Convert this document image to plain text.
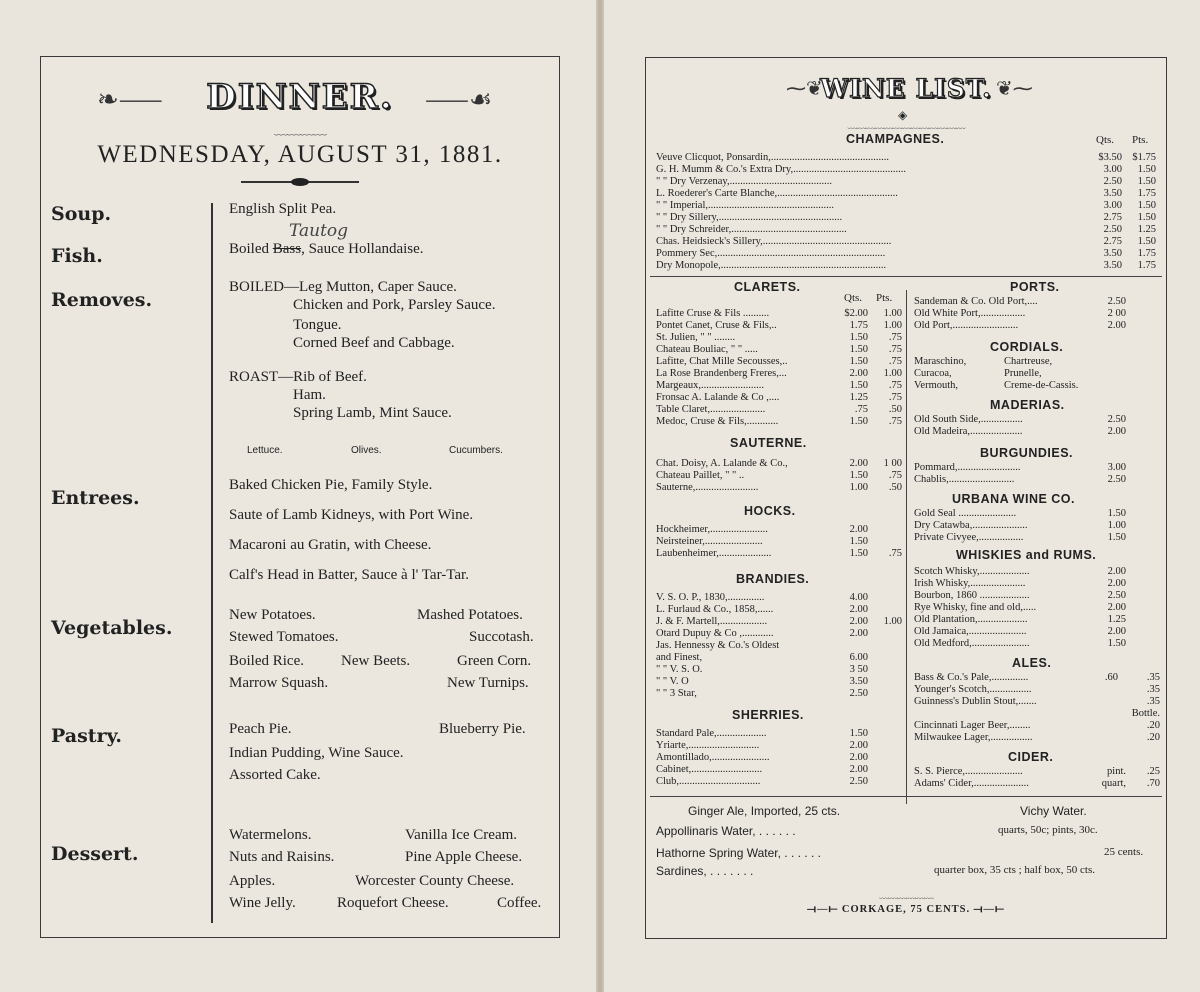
❧⸺	DINNER.	⸺☙
﹏﹏﹏﹏
WEDNESDAY, AUGUST 31, 1881.
Soup.
Fish.
Removes.
Entrees.
Vegetables.
Pastry.
Dessert.
English Split Pea.
Boiled Bass, Sauce Hollandaise.
Tautog
BOILED—Leg Mutton, Caper Sauce.
Chicken and Pork, Parsley Sauce.
Tongue.
Corned Beef and Cabbage.
ROAST—Rib of Beef.
Ham.
Spring Lamb, Mint Sauce.
Lettuce.	Olives.	Cucumbers.
Baked Chicken Pie, Family Style.
Saute of Lamb Kidneys, with Port Wine.
Macaroni au Gratin, with Cheese.
Calf's Head in Batter, Sauce à l' Tar-Tar.
New Potatoes.	Mashed Potatoes.
Stewed Tomatoes.	Succotash.
Boiled Rice. New Beets.	Green Corn.
Marrow Squash.	New Turnips.
Peach Pie.	Blueberry Pie.
Indian Pudding, Wine Sauce.
Assorted Cake.
Watermelons.	Vanilla Ice Cream.
Nuts and Raisins.	Pine Apple Cheese.
Apples.	Worcester County Cheese.
Wine Jelly.	Roquefort Cheese.	Coffee.
⁓❦
WINE LIST. ❦⁓
◈
﹏﹏﹏﹏﹏﹏﹏﹏﹏﹏﹏﹏﹏
CHAMPAGNES.	Qts. Pts.
Veuve Clicquot, Ponsardin,.............................................	$3.50 $1.75
G. H. Mumm & Co.'s Extra Dry,...........................................	3.00	1.50
" " Dry Verzenay,.......................................	2.50	1.50
L. Roederer's Carte Blanche,..............................................	3.50	1.75
" " Imperial,................................................	3.00	1.50
" " Dry Sillery,...............................................	2.75	1.50
" " Dry Schreider,............................................	2.50	1.25
Chas. Heidsieck's Sillery,.................................................	2.75	1.50
Pommery Sec,................................................................	3.50	1.75
Dry Monopole,...............................................................	3.50	1.75
CLARETS.
Qts. Pts.
Lafitte Cruse & Fils ..........	$2.00	1.00
Pontet Canet, Cruse & Fils,..	1.75	1.00
St. Julien, " " ........	1.50	.75
Chateau Bouliac, " " .....	1.50	.75
Lafitte, Chat Mille Secousses,..	1.50	.75
La Rose Brandenberg Freres,...	2.00	1.00
Margeaux,........................	1.50	.75
Fronsac A. Lalande & Co ,....	1.25	.75
Table Claret,.....................	.75	.50
Medoc, Cruse & Fils,............	1.50	.75
SAUTERNE.
Chat. Doisy, A. Lalande & Co.,	2.00	1 00
Chateau Paillet, " " ..	1.50	.75
Sauterne,........................	1.00	.50
HOCKS.
Hockheimer,......................	2.00
Neirsteiner,......................	1.50
Laubenheimer,....................	1.50	.75
BRANDIES.
V. S. O. P., 1830,..............	4.00
L. Furlaud & Co., 1858,......	2.00
J. & F. Martell,..................	2.00	1.00
Otard Dupuy & Co ,............	2.00
Jas. Hennessy & Co.'s Oldest
and Finest,	6.00
" " V. S. O.	3 50
" " V. O	3.50
" " 3 Star,	2.50
SHERRIES.
Standard Pale,...................	1.50
Yriarte,...........................	2.00
Amontillado,......................	2.00
Cabinet,...........................	2.00
Club,...............................	2.50
PORTS.
Sandeman & Co. Old Port,....	2.50
Old White Port,.................	2 00
Old Port,.........................	2.00
CORDIALS.
Maraschino,	Chartreuse,
Curacoa,	Prunelle,
Vermouth,	Creme-de-Cassis.
MADERIAS.
Old South Side,................	2.50
Old Madeira,....................	2.00
BURGUNDIES.
Pommard,........................	3.00
Chablis,.........................	2.50
URBANA WINE CO.
Gold Seal ......................	1.50
Dry Catawba,.....................	1.00
Private Civyee,.................	1.50
WHISKIES and RUMS.
Scotch Whisky,...................	2.00
Irish Whisky,.....................	2.00
Bourbon, 1860 ...................	2.50
Rye Whisky, fine and old,.....	2.00
Old Plantation,...................	1.25
Old Jamaica,......................	2.00
Old Medford,......................	1.50
ALES.
Bass & Co.'s Pale,..............	.60	.35
Younger's Scotch,................	.35
Guinness's Dublin Stout,.......	.35
Bottle.
Cincinnati Lager Beer,........	.20
Milwaukee Lager,................	.20
CIDER.
S. S. Pierce,......................	pint.	.25
Adams' Cider,.....................	quart,	.70
Ginger Ale, Imported, 25 cts.	Vichy Water.
Appollinaris Water, . . . . . .	quarts, 50c; pints, 30c.
Hathorne Spring Water, . . . . . .	25 cents.
Sardines, . . . . . . .	quarter box, 35 cts ; half box, 50 cts.
﹏﹏﹏﹏﹏﹏
⟞—⟝ CORKAGE, 75 CENTS. ⟞—⟝
